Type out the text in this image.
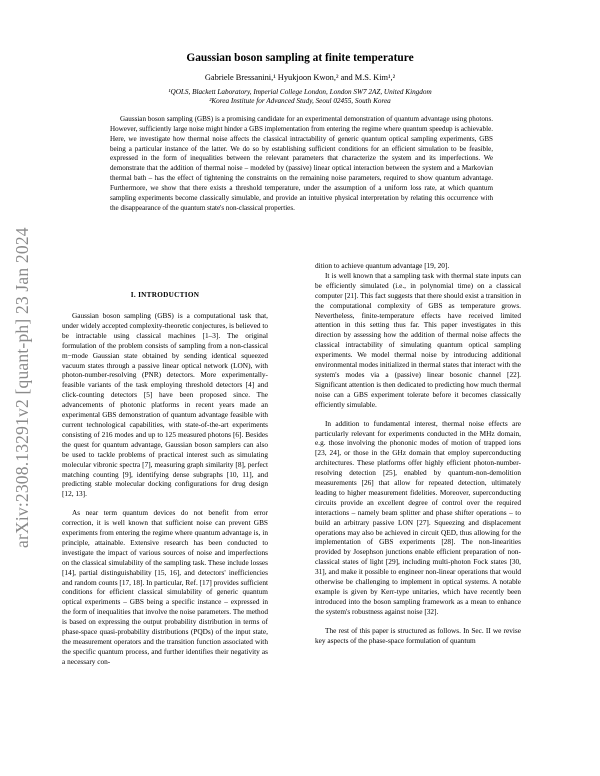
arXiv:2308.13291v2 [quant-ph] 23 Jan 2024
Gaussian boson sampling at finite temperature
Gabriele Bressanini,¹ Hyukjoon Kwon,² and M.S. Kim¹,²
¹QOLS, Blackett Laboratory, Imperial College London, London SW7 2AZ, United Kingdom
²Korea Institute for Advanced Study, Seoul 02455, South Korea
Gaussian boson sampling (GBS) is a promising candidate for an experimental demonstration of quantum advantage using photons. However, sufficiently large noise might hinder a GBS implementation from entering the regime where quantum speedup is achievable. Here, we investigate how thermal noise affects the classical intractability of generic quantum optical sampling experiments, GBS being a particular instance of the latter. We do so by establishing sufficient conditions for an efficient simulation to be feasible, expressed in the form of inequalities between the relevant parameters that characterize the system and its imperfections. We demonstrate that the addition of thermal noise – modeled by (passive) linear optical interaction between the system and a Markovian thermal bath – has the effect of tightening the constraints on the remaining noise parameters, required to show quantum advantage. Furthermore, we show that there exists a threshold temperature, under the assumption of a uniform loss rate, at which quantum sampling experiments become classically simulable, and provide an intuitive physical interpretation by relating this occurrence with the disappearance of the quantum state's non-classical properties.
I. INTRODUCTION

Gaussian boson sampling (GBS) is a computational task that, under widely accepted complexity-theoretic conjectures, is believed to be intractable using classical machines [1–3]. The original formulation of the problem consists of sampling from a non-classical m−mode Gaussian state obtained by sending identical squeezed vacuum states through a passive linear optical network (LON), with photon-number-resolving (PNR) detectors. More experimentally-feasible variants of the task employing threshold detectors [4] and click-counting detectors [5] have been proposed since. The advancements of photonic platforms in recent years made an experimental GBS demonstration of quantum advantage feasible with current technological capabilities, with state-of-the-art experiments consisting of 216 modes and up to 125 measured photons [6]. Besides the quest for quantum advantage, Gaussian boson samplers can also be used to tackle problems of practical interest such as simulating molecular vibronic spectra [7], measuring graph similarity [8], perfect matching counting [9], identifying dense subgraphs [10, 11], and predicting stable molecular docking configurations for drug design [12, 13].

As near term quantum devices do not benefit from error correction, it is well known that sufficient noise can prevent GBS experiments from entering the regime where quantum advantage is, in principle, attainable. Extensive research has been conducted to investigate the impact of various sources of noise and imperfections on the classical simulability of the sampling task. These include losses [14], partial distinguishability [15, 16], and detectors' inefficiencies and random counts [17, 18]. In particular, Ref. [17] provides sufficient conditions for efficient classical simulability of generic quantum optical experiments – GBS being a specific instance – expressed in the form of inequalities that involve the noise parameters. The method is based on expressing the output probability distribution in terms of phase-space quasi-probability distributions (PQDs) of the input state, the measurement operators and the transition function associated with the specific quantum process, and further identifies their negativity as a necessary con-

dition to achieve quantum advantage [19, 20].

It is well known that a sampling task with thermal state inputs can be efficiently simulated (i.e., in polynomial time) on a classical computer [21]. This fact suggests that there should exist a transition in the computational complexity of GBS as temperature grows. Nevertheless, finite-temperature effects have received limited attention in this setting thus far. This paper investigates in this direction by assessing how the addition of thermal noise affects the classical intractability of simulating quantum optical sampling experiments. We model thermal noise by introducing additional environmental modes initialized in thermal states that interact with the system's modes via a (passive) linear bosonic channel [22]. Significant attention is then dedicated to predicting how much thermal noise can a GBS experiment tolerate before it becomes classically efficiently simulable.

In addition to fundamental interest, thermal noise effects are particularly relevant for experiments conducted in the MHz domain, e.g. those involving the phononic modes of motion of trapped ions [23, 24], or those in the GHz domain that employ superconducting architectures. These platforms offer highly efficient photon-number-resolving detection [25], enabled by quantum-non-demolition measurements [26] that allow for repeated detection, ultimately leading to higher measurement fidelities. Moreover, superconducting circuits provide an excellent degree of control over the required interactions – namely beam splitter and phase shifter operations – to build an arbitrary passive LON [27]. Squeezing and displacement operations may also be achieved in circuit QED, thus allowing for the implementation of GBS experiments [28]. The non-linearities provided by Josephson junctions enable efficient preparation of non-classical states of light [29], including multi-photon Fock states [30, 31], and make it possible to engineer non-linear operations that would otherwise be challenging to implement in optical systems. A notable example is given by Kerr-type unitaries, which have recently been introduced into the boson sampling framework as a mean to enhance the system's robustness against noise [32].

The rest of this paper is structured as follows. In Sec. II we revise key aspects of the phase-space formulation of quantum
